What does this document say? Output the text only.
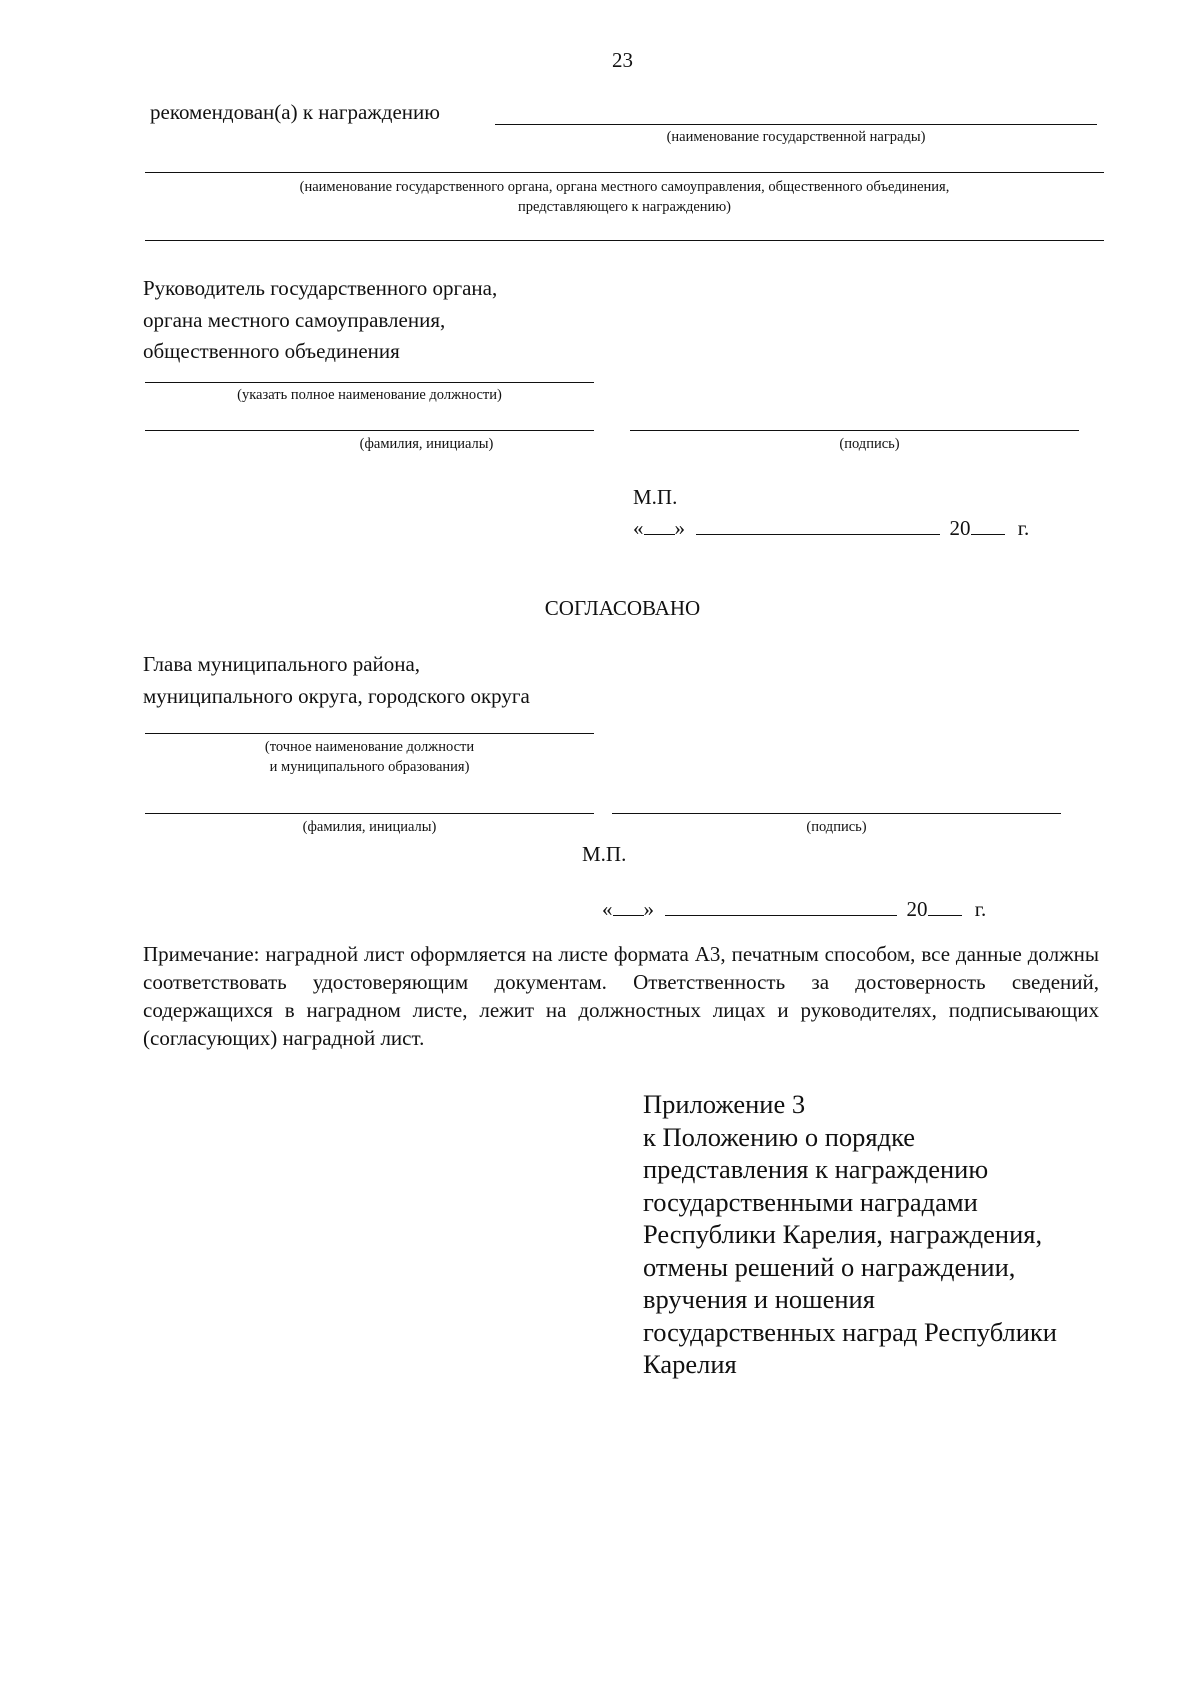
23
рекомендован(а) к награждению
(наименование государственной награды)
(наименование государственного органа, органа местного самоуправления, общественного объединения,
представляющего к награждению)
Руководитель государственного органа,
органа местного самоуправления,
общественного объединения
(указать полное наименование должности)
(фамилия, инициалы)	(подпись)
М.П.
« »	20 г.
СОГЛАСОВАНО
Глава муниципального района,
муниципального округа, городского округа
(точное наименование должности
и муниципального образования)
(фамилия, инициалы)	(подпись)
М.П.
« »	20 г.
Примечание: наградной лист оформляется на листе формата А3, печатным способом, все данные должны соответствовать удостоверяющим документам. Ответственность за достоверность сведений, содержащихся в наградном листе, лежит на должностных лицах и руководителях, подписывающих (согласующих) наградной лист.
Приложение 3
к Положению о порядке
представления к награждению
государственными наградами
Республики Карелия, награждения,
отмены решений о награждении,
вручения и ношения
государственных наград Республики
Карелия
